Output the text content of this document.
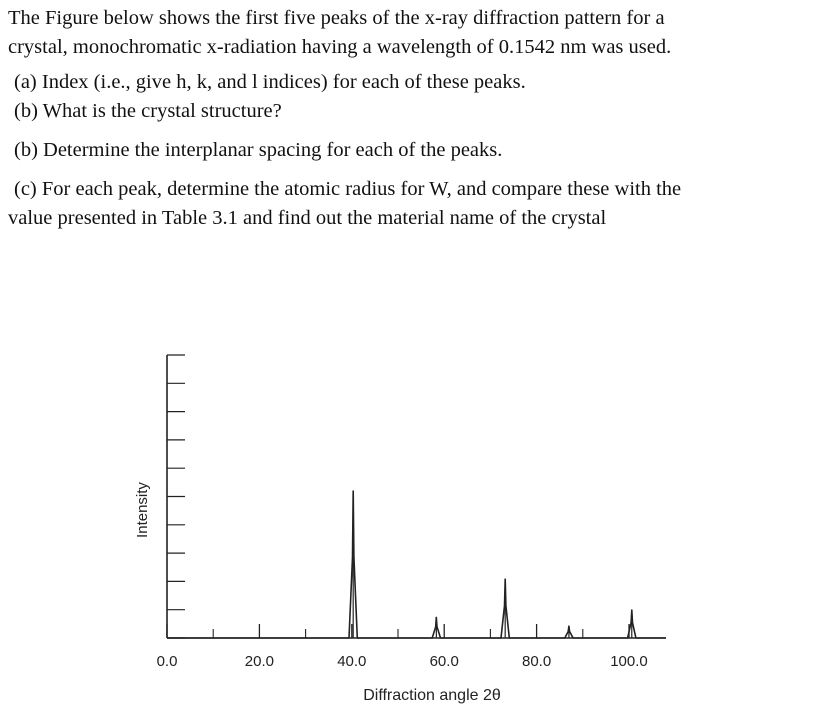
The Figure below shows the first five peaks of the x-ray diffraction pattern for a

crystal, monochromatic x-radiation having a wavelength of 0.1542 nm was used.

(a) Index (i.e., give h, k, and l indices) for each of these peaks.

(b) What is the crystal structure?

(b) Determine the interplanar spacing for each of the peaks.

(c) For each peak, determine the atomic radius for W, and compare these with the

value presented in Table 3.1 and find out the material name of the crystal

0.0	20.0	40.0	60.0	80.0	100.0
Intensity
Diffraction angle 2θ
